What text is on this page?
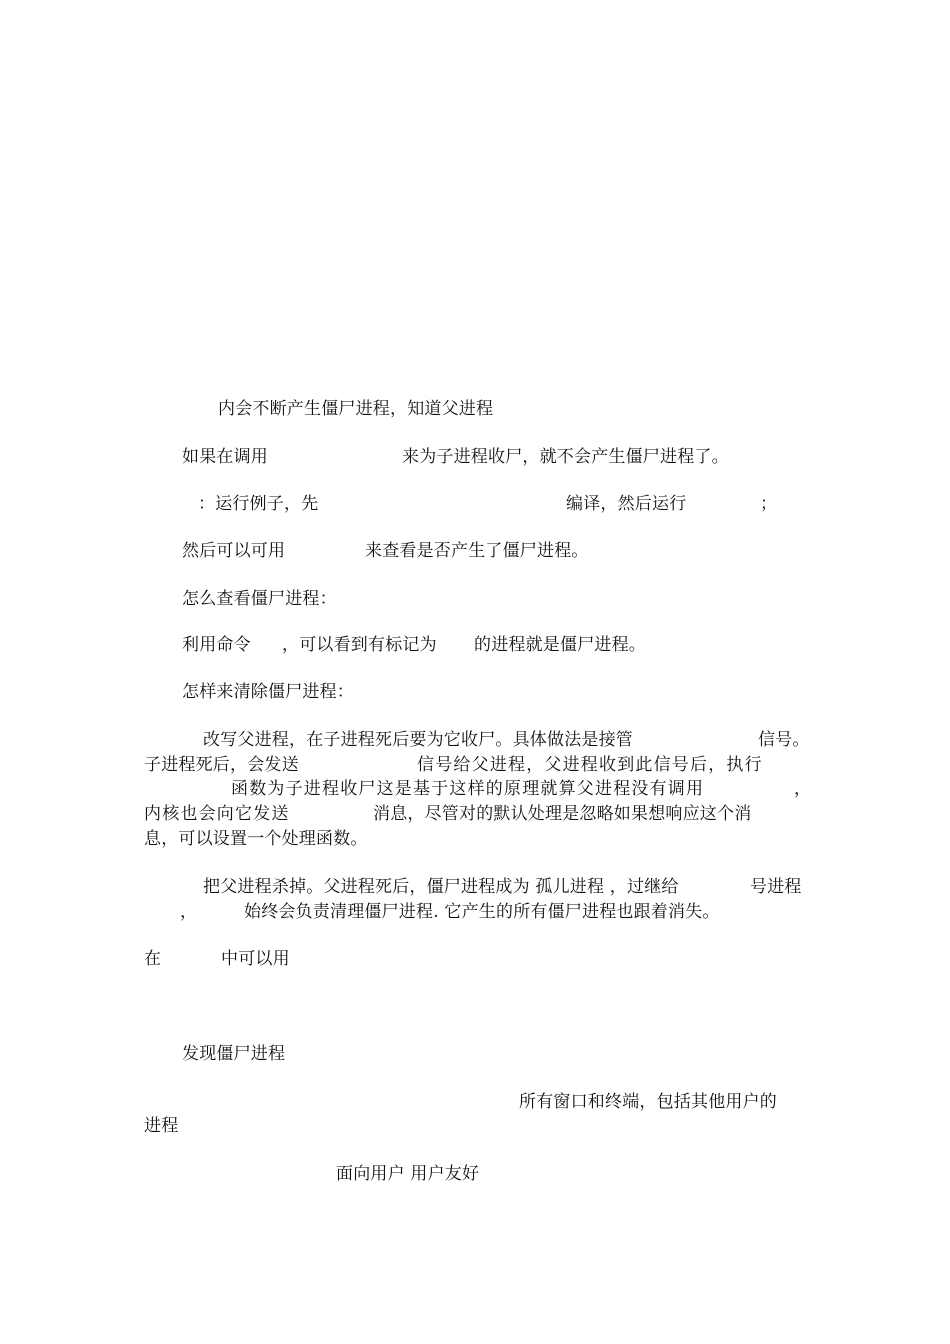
内会不断产生僵尸进程，知道父进程
如果在调用	来为子进程收尸，就不会产生僵尸进程了。
：运行例子，先	编译，然后运行	；
然后可以可用	来查看是否产生了僵尸进程。
怎么查看僵尸进程：
利用命令 ，可以看到有标记为 的进程就是僵尸进程。
怎样来清除僵尸进程：
改写父进程，在子进程死后要为它收尸。具体做法是接管	信号。
子进程死后，会发送	信号给父进程，父进程收到此信号后，执行
函数为子进程收尸这是基于这样的原理就算父进程没有调用	，
内核也会向它发送	消息，尽管对的默认处理是忽略如果想响应这个消
息，可以设置一个处理函数。
把父进程杀掉。父进程死后，僵尸进程成为 孤儿进程 ，过继给	号进程
，	始终会负责清理僵尸进程. 它产生的所有僵尸进程也跟着消失。
在	中可以用
发现僵尸进程
所有窗口和终端，包括其他用户的
进程
面向用户 用户友好
